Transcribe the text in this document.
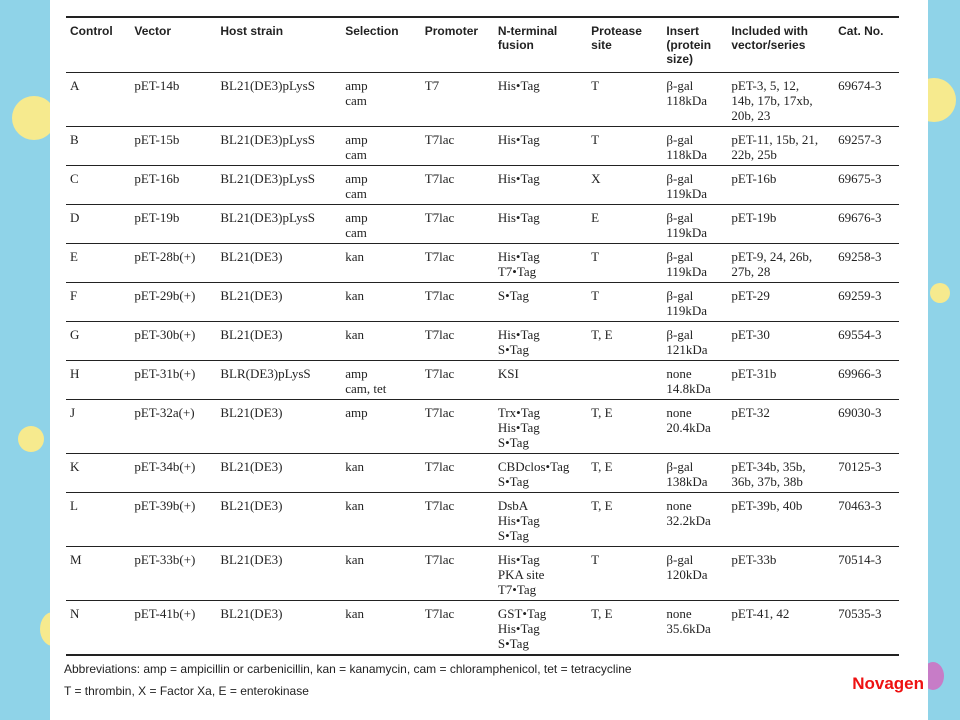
Control	Vector	Host strain	Selection	Promoter	N-terminal
fusion	Protease
site	Insert
(protein
size)	Included with
vector/series	Cat. No.
A	pET-14b	BL21(DE3)pLysS	amp
cam	T7	His•Tag	T	β-gal
118kDa	pET-3, 5, 12,
14b, 17b, 17xb,
20b, 23	69674-3
B	pET-15b	BL21(DE3)pLysS	amp
cam	T7lac	His•Tag	T	β-gal
118kDa	pET-11, 15b, 21,
22b, 25b	69257-3
C	pET-16b	BL21(DE3)pLysS	amp
cam	T7lac	His•Tag	X	β-gal
119kDa	pET-16b	69675-3
D	pET-19b	BL21(DE3)pLysS	amp
cam	T7lac	His•Tag	E	β-gal
119kDa	pET-19b	69676-3
E	pET-28b(+)	BL21(DE3)	kan	T7lac	His•Tag
T7•Tag	T	β-gal
119kDa	pET-9, 24, 26b,
27b, 28	69258-3
F	pET-29b(+)	BL21(DE3)	kan	T7lac	S•Tag	T	β-gal
119kDa	pET-29	69259-3
G	pET-30b(+)	BL21(DE3)	kan	T7lac	His•Tag
S•Tag	T, E	β-gal
121kDa	pET-30	69554-3
H	pET-31b(+)	BLR(DE3)pLysS	amp
cam, tet	T7lac	KSI		none
14.8kDa	pET-31b	69966-3
J	pET-32a(+)	BL21(DE3)	amp	T7lac	Trx•Tag
His•Tag
S•Tag	T, E	none
20.4kDa	pET-32	69030-3
K	pET-34b(+)	BL21(DE3)	kan	T7lac	CBDclos•Tag
S•Tag	T, E	β-gal
138kDa	pET-34b, 35b,
36b, 37b, 38b	70125-3
L	pET-39b(+)	BL21(DE3)	kan	T7lac	DsbA
His•Tag
S•Tag	T, E	none
32.2kDa	pET-39b, 40b	70463-3
M	pET-33b(+)	BL21(DE3)	kan	T7lac	His•Tag
PKA site
T7•Tag	T	β-gal
120kDa	pET-33b	70514-3
N	pET-41b(+)	BL21(DE3)	kan	T7lac	GST•Tag
His•Tag
S•Tag	T, E	none
35.6kDa	pET-41, 42	70535-3
Abbreviations: amp = ampicillin or carbenicillin, kan = kanamycin, cam = chloramphenicol, tet = tetracycline
T = thrombin, X = Factor Xa, E = enterokinase	Novagen
